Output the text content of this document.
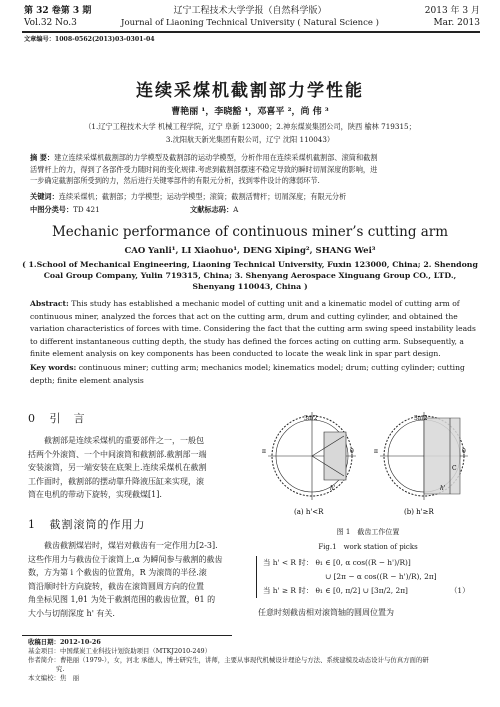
第 32 卷第 3 期
Vol.32 No.3
辽宁工程技术大学学报（自然科学版）
Journal of Liaoning Technical University ( Natural Science )
2013 年 3 月
Mar. 2013
文章编号：1008-0562(2013)03-0301-04
连续采煤机截割部力学性能
曹艳丽 ¹，李晓豁 ¹，邓喜平 ²，尚 伟 ³
（1.辽宁工程技术大学 机械工程学院，辽宁 阜新 123000；2.神东煤炭集团公司，陕西 榆林 719315；
3.沈阳航天新光集团有限公司，辽宁 沈阳 110043）
摘 要：建立连续采煤机截割部的力学模型及截割部的运动学模型，分析作用在连续采煤机截割部、滚筒和截割
活臂杆上的力，得到了各部件受力随时间的变化规律.考虑到截割部摆速不稳定导致的瞬时切屑深度的影响，进
一步确定截割部所受到的力，然后进行关键零部件的有限元分析，找到零件设计的薄弱环节.
关键词：连续采煤机；截割部；力学模型；运动学模型；滚筒；截割活臂杆；切屑深度；有限元分析
中图分类号：TD 421	文献标志码：A
Mechanic performance of continuous miner’s cutting arm
CAO Yanli¹, LI Xiaohuo¹, DENG Xiping², SHANG Wei³
( 1.School of Mechanical Engineering, Liaoning Technical University, Fuxin 123000, China; 2. Shendong
Coal Group Company, Yulin 719315, China; 3. Shenyang Aerospace Xinguang Group CO., LTD.,
Shenyang 110043, China )
Abstract: This study has established a mechanic model of cutting unit and a kinematic model of cutting arm of
continuous miner, analyzed the forces that act on the cutting arm, drum and cutting cylinder, and obtained the
variation characteristics of forces with time. Considering the fact that the cutting arm swing speed instability leads
to different instantaneous cutting depth, the study has defined the forces acting on cutting arm. Subsequently, a
finite element analysis on key components has been conducted to locate the weak link in spar part design.
Key words: continuous miner; cutting arm; mechanics model; kinematics model; drum; cutting cylinder; cutting
depth; finite element analysis
0 引　言
截割部是连续采煤机的重要部件之一，一般包
括两个外滚筒、一个中间滚筒和截割部.截割部一端
安装滚筒，另一端安装在底架上.连续采煤机在截割
工作面时，截割部的摆动靠升降液压缸来实现，滚
筒在电机的带动下旋转，实现截煤[1].
1 截割滚筒的作用力
截齿截割煤岩时，煤岩对截齿有一定作用力[2-3].
这些作用力与截齿位于滚筒上,α 为瞬间参与截割的截齿
数，方为第 i 个截齿的位置角，R 为滚筒的半径.滚
筒沿顺时针方向旋转，截齿在滚筒圆周方向的位置
角坐标见图 1,θ1 为处于截割范围的截齿位置，θ1 的
大小与切削深度 h' 有关.
3π/2
π	0
h'
(a) h'<R
3π/2
π	0
C
h'
(b) h'≥R
图 1　截齿工作位置
Fig.1　work station of picks
当 h' < R 时： θ₁ ∈ [0, α cos((R − h')/R)]
∪ [2π − α cos((R − h')/R), 2π]
当 h' ≥ R 时： θ₁ ∈ [0, π/2] ∪ [3π/2, 2π]	（1）
任意时刻截齿相对滚筒轴的圆周位置为
收稿日期：2012-10-26
基金项目：中国煤炭工业科技计划资助项目（MTKJ2010-249）
作者简介：曹艳丽（1979-），女，河北 承德人，博士研究生，讲师，主要从事现代机械设计理论与方法、系统建模及动态设计与仿真方面的研
究.
本文编校：焦　丽
